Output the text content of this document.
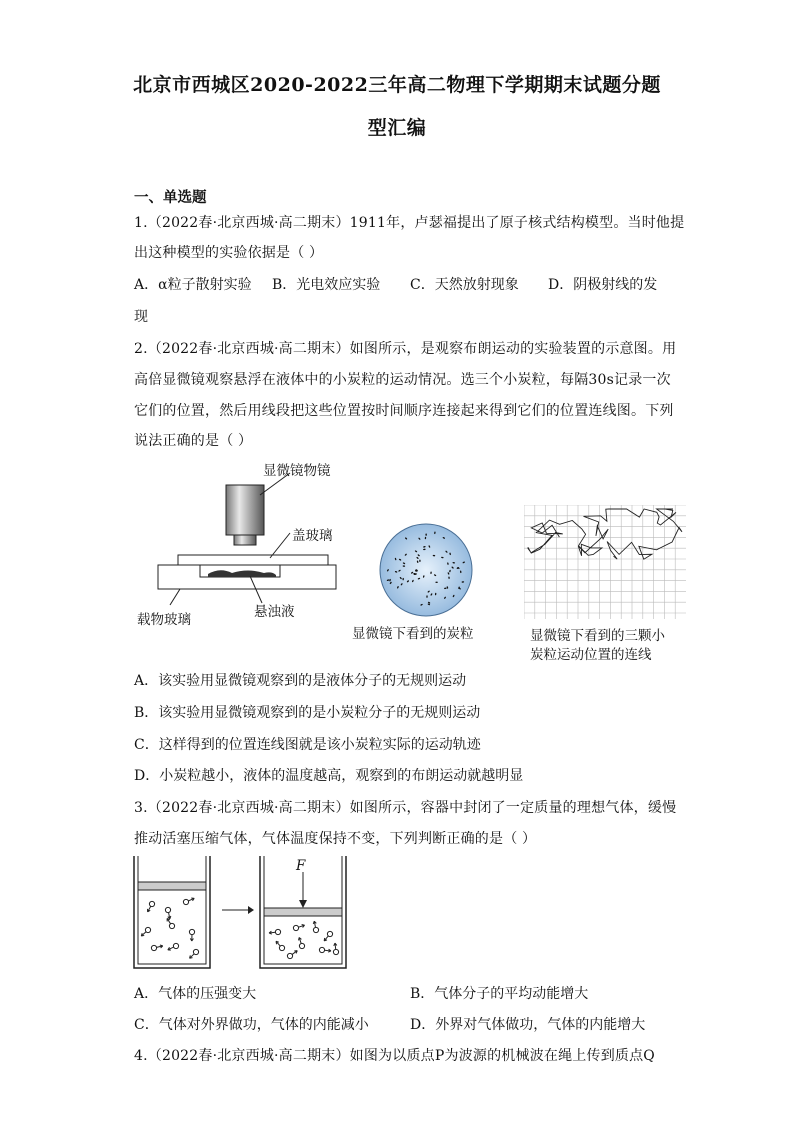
北京市西城区2020-2022三年高二物理下学期期末试题分题
型汇编
一、单选题
1.（2022春·北京西城·高二期末）1911年，卢瑟福提出了原子核式结构模型。当时他提
出这种模型的实验依据是（ ）
A．α粒子散射实验 B．光电效应实验 C．天然放射现象 D．阴极射线的发
现
2.（2022春·北京西城·高二期末）如图所示，是观察布朗运动的实验装置的示意图。用
高倍显微镜观察悬浮在液体中的小炭粒的运动情况。选三个小炭粒，每隔30s记录一次
它们的位置，然后用线段把这些位置按时间顺序连接起来得到它们的位置连线图。下列
说法正确的是（ ）
显微镜物镜
盖玻璃
载物玻璃	悬浊液
显微镜下看到的炭粒	显微镜下看到的三颗小
炭粒运动位置的连线
A．该实验用显微镜观察到的是液体分子的无规则运动
B．该实验用显微镜观察到的是小炭粒分子的无规则运动
C．这样得到的位置连线图就是该小炭粒实际的运动轨迹
D．小炭粒越小，液体的温度越高，观察到的布朗运动就越明显
3.（2022春·北京西城·高二期末）如图所示，容器中封闭了一定质量的理想气体，缓慢
推动活塞压缩气体，气体温度保持不变，下列判断正确的是（ ）
F
A．气体的压强变大	B．气体分子的平均动能增大
C．气体对外界做功，气体的内能减小	D．外界对气体做功，气体的内能增大
4.（2022春·北京西城·高二期末）如图为以质点P为波源的机械波在绳上传到质点Q
